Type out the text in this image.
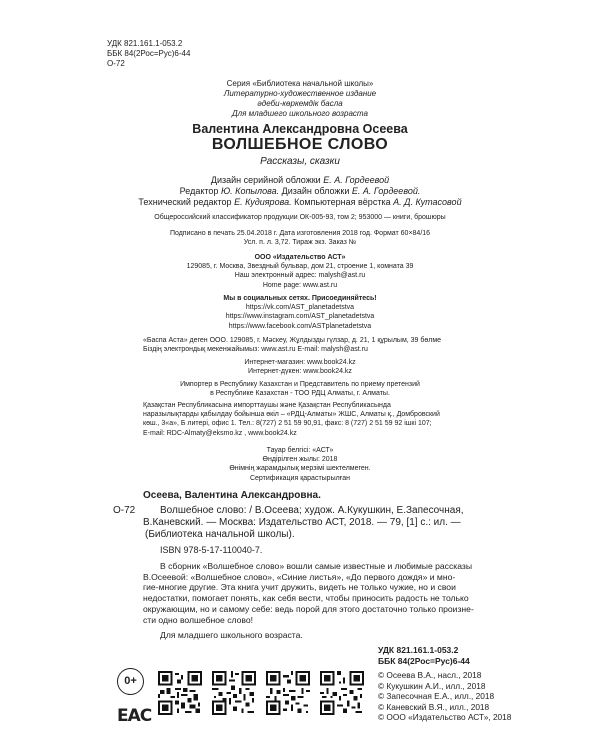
УДК 821.161.1-053.2
ББК 84(2Рос=Рус)6-44
О-72
Серия «Библиотека начальной школы»
Литературно-художественное издание
әдеби-көркемдік басла
Для младшего школьного возраста
Валентина Александровна Осеева
ВОЛШЕБНОЕ СЛОВО
Рассказы, сказки
Дизайн серийной обложки Е. А. Гордеевой
Редактор Ю. Копылова. Дизайн обложки Е. А. Гордеевой.
Технический редактор Е. Кудиярова. Компьютерная вёрстка А. Д. Кутасовой
Общероссийский классификатор продукции ОК-005-93, том 2; 953000 — книги, брошюры
Подписано в печать 25.04.2018 г. Дата изготовления 2018 год. Формат 60×84/16
Усл. п. л. 3,72. Тираж экз. Заказ №
ООО «Издательство АСТ»
129085, г. Москва, Звездный бульвар, дом 21, строение 1, комната 39
Наш электронный адрес: malysh@ast.ru
Home page: www.ast.ru
Мы в социальных сетях. Присоединяйтесь!
https://vk.com/AST_planetadetstva
https://www.instagram.com/AST_planetadetstva
https://www.facebook.com/ASTplanetadetstva
«Баспа Аста» деген ООО. 129085, г. Мәскеу, Жұлдызды гүлзар, д. 21, 1 құрылым, 39 бөлме
Біздің электрондық мекенжайымыз: www.ast.ru E-mail: malysh@ast.ru
Интернет-магазин: www.book24.kz
Интернет-дүкен: www.book24.kz
Импортер в Республику Казахстан и Представитель по приему претензий
в Республике Казахстан - ТОО РДЦ Алматы, г. Алматы.
Қазақстан Республикасына импорттаушы және Қазақстан Республикасында
наразылықтарды қабылдау бойынша өкіл – «РДЦ-Алматы» ЖШС, Алматы қ., Домбровский
көш., 3«а», Б литері, офис 1. Тел.: 8(727) 2 51 59 90,91, факс: 8 (727) 2 51 59 92 ішкі 107;
E-mail: RDC-Almaty@eksmo.kz , www.book24.kz
Тауар белгісі: «АСТ»
Өндірілген жылы: 2018
Өнімнің жарамдылық мерзімі шектелмеген.
Сертификация қарастырылған
Осеева, Валентина Александровна.
О-72 Волшебное слово: / В.Осеева; худож. А.Кукушкин, Е.Запесочная,
В.Каневский. — Москва: Издательство АСТ, 2018. — 79, [1] с.: ил. —
(Библиотека начальной школы).
ISBN 978-5-17-110040-7.
В сборник «Волшебное слово» вошли самые известные и любимые рассказы
В.Осеевой: «Волшебное слово», «Синие листья», «До первого дождя» и мно-
гие-многие другие. Эта книга учит дружить, видеть не только чужие, но и свои
недостатки, помогает понять, как себя вести, чтобы приносить радость не только
окружающим, но и самому себе: ведь порой для этого достаточно только произне-
сти одно волшебное слово!
Для младшего школьного возраста.
УДК 821.161.1-053.2
ББК 84(2Рос=Рус)6-44
0+
EAC
© Осеева В.А., насл., 2018
© Кукушкин А.И., илл., 2018
© Запесочная Е.А., илл., 2018
© Каневский В.Я., илл., 2018
© ООО «Издательство АСТ», 2018
